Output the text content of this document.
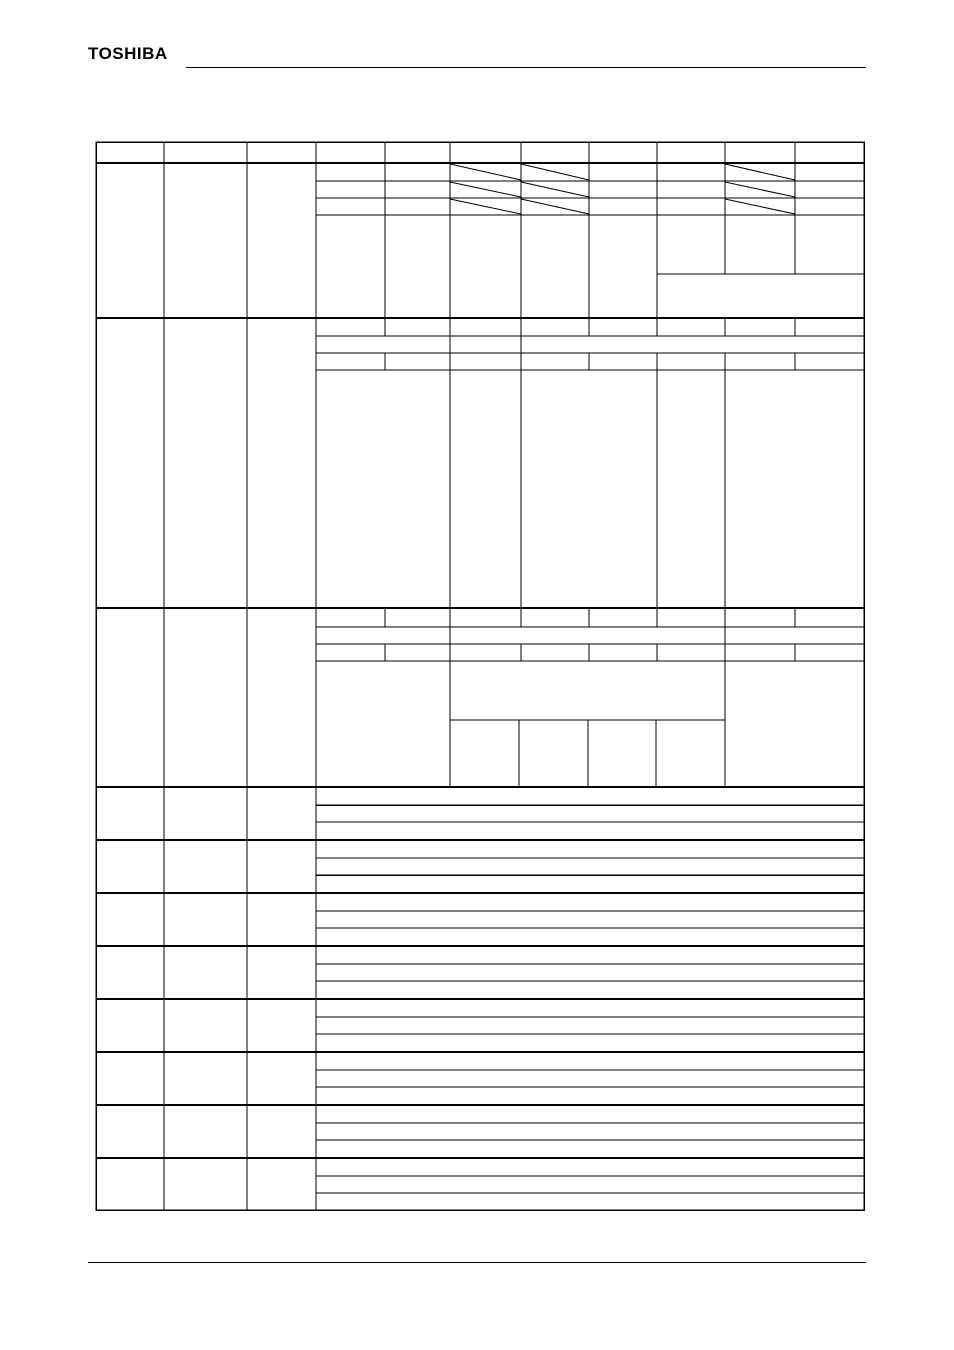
TOSHIBA
